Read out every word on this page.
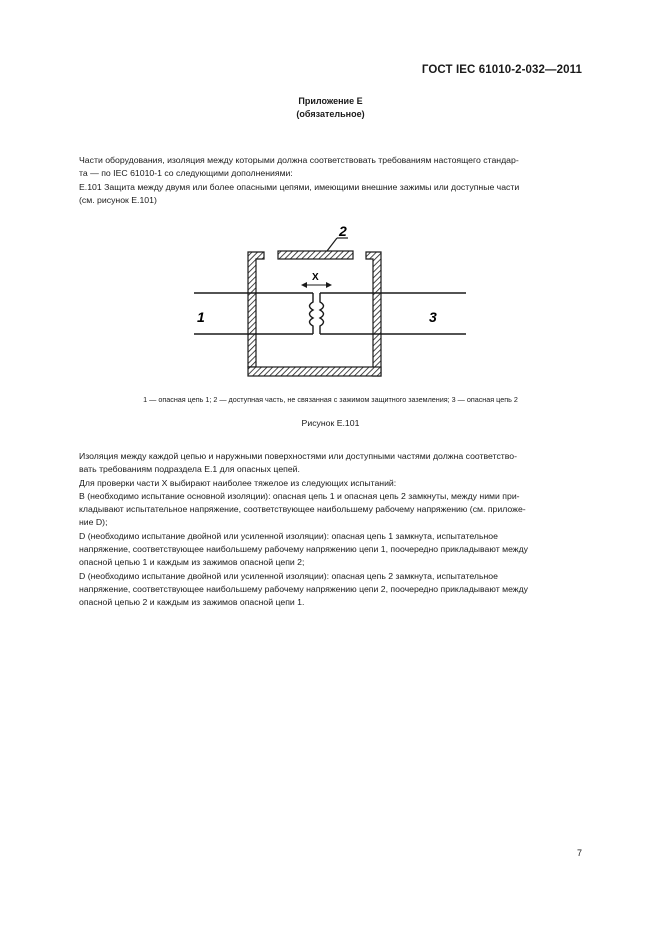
ГОСТ IEC 61010-2-032—2011
Приложение Е
(обязательное)

Части оборудования, изоляция между которыми должна соответствовать требованиям настоящего стандар-

та — по IEC 61010-1 со следующими дополнениями:

Е.101 Защита между двумя или более опасными цепями, имеющими внешние зажимы или доступные части

(см. рисунок Е.101)

X
2
1	3
1 — опасная цепь 1; 2 — доступная часть, не связанная с зажимом защитного заземления; 3 — опасная цепь 2
Рисунок Е.101

Изоляция между каждой цепью и наружными поверхностями или доступными частями должна соответство-

вать требованиям подраздела Е.1 для опасных цепей.

Для проверки части X выбирают наиболее тяжелое из следующих испытаний:

В (необходимо испытание основной изоляции): опасная цепь 1 и опасная цепь 2 замкнуты, между ними при-

кладывают испытательное напряжение, соответствующее наибольшему рабочему напряжению (см. приложе-

ние D);

D (необходимо испытание двойной или усиленной изоляции): опасная цепь 1 замкнута, испытательное

напряжение, соответствующее наибольшему рабочему напряжению цепи 1, поочередно прикладывают между

опасной цепью 1 и каждым из зажимов опасной цепи 2;

D (необходимо испытание двойной или усиленной изоляции): опасная цепь 2 замкнута, испытательное

напряжение, соответствующее наибольшему рабочему напряжению цепи 2, поочередно прикладывают между

опасной цепью 2 и каждым из зажимов опасной цепи 1.

7
